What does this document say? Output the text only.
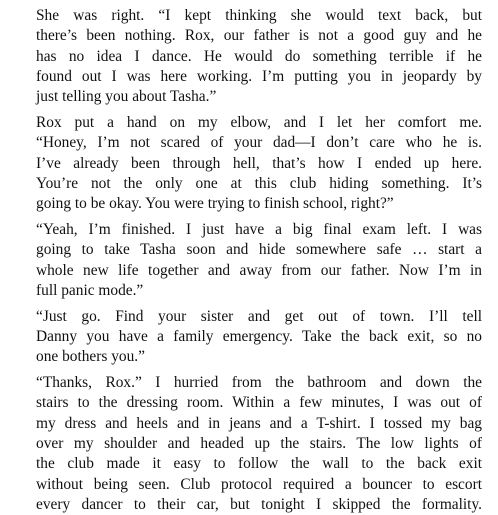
She was right. “I kept thinking she would text back, but
there’s been nothing. Rox, our father is not a good guy and he
has no idea I dance. He would do something terrible if he
found out I was here working. I’m putting you in jeopardy by
just telling you about Tasha.”
Rox put a hand on my elbow, and I let her comfort me.
“Honey, I’m not scared of your dad—I don’t care who he is.
I’ve already been through hell, that’s how I ended up here.
You’re not the only one at this club hiding something. It’s
going to be okay. You were trying to finish school, right?”
“Yeah, I’m finished. I just have a big final exam left. I was
going to take Tasha soon and hide somewhere safe … start a
whole new life together and away from our father. Now I’m in
full panic mode.”
“Just go. Find your sister and get out of town. I’ll tell
Danny you have a family emergency. Take the back exit, so no
one bothers you.”
“Thanks, Rox.” I hurried from the bathroom and down the
stairs to the dressing room. Within a few minutes, I was out of
my dress and heels and in jeans and a T-shirt. I tossed my bag
over my shoulder and headed up the stairs. The low lights of
the club made it easy to follow the wall to the back exit
without being seen. Club protocol required a bouncer to escort
every dancer to their car, but tonight I skipped the formality.
